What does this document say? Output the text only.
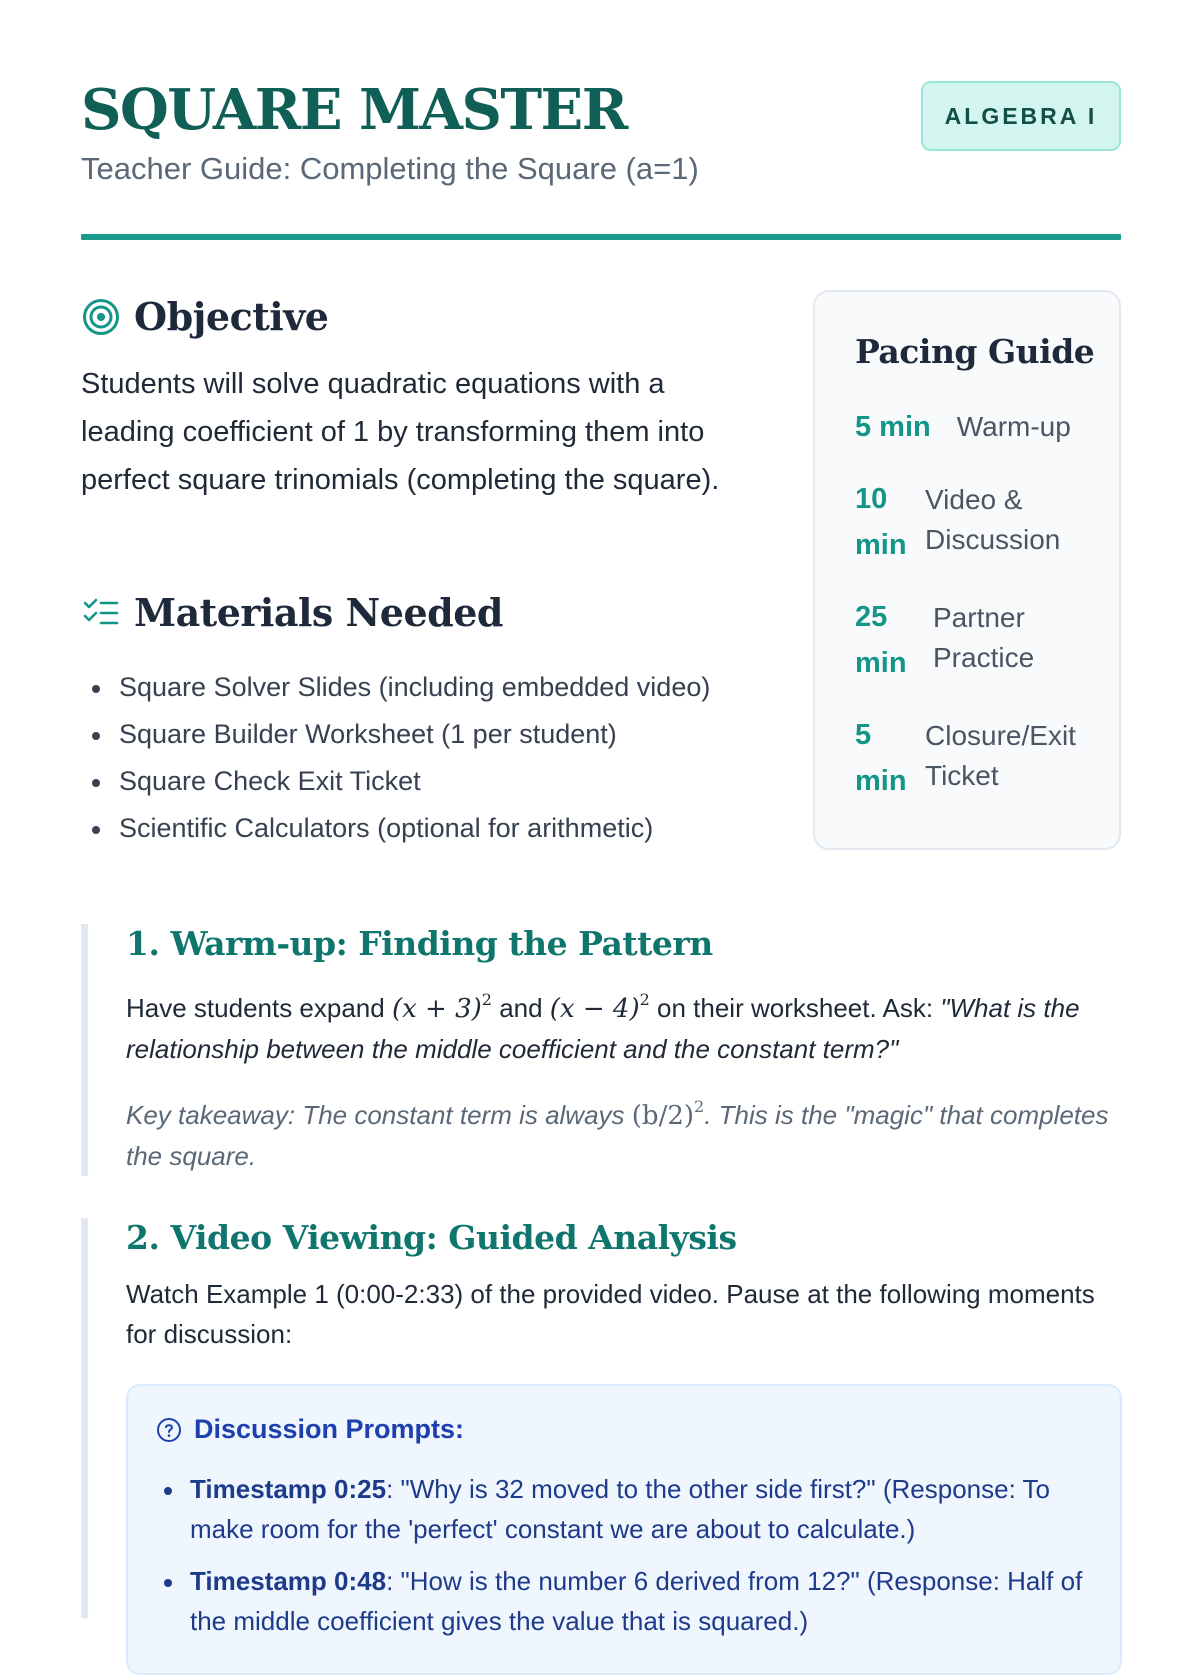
SQUARE MASTER
Teacher Guide: Completing the Square (a=1)
ALGEBRA I
Objective

Students will solve quadratic equations with a leading coefficient of 1 by transforming them into perfect square trinomials (completing the square).

Materials Needed
Square Solver Slides (including embedded video)
Square Builder Worksheet (1 per student)
Square Check Exit Ticket
Scientific Calculators (optional for arithmetic)
Pacing Guide
5 min Warm-up
10 min
Video & Discussion
25 min
Partner Practice
5 min
Closure/Exit Ticket
1. Warm-up: Finding the Pattern

Have students expand $(x + 3)^2$ and $(x - 4)^2$ on their worksheet. Ask: "What is the relationship between the middle coefficient and the constant term?"

Key takeaway: The constant term is always $(b/2)^2$. This is the "magic" that completes the square.

2. Video Viewing: Guided Analysis

Watch Example 1 (0:00-2:33) of the provided video. Pause at the following moments for discussion:

Discussion Prompts:
Timestamp 0:25: "Why is 32 moved to the other side first?" (Response: To make room for the 'perfect' constant we are about to calculate.)
Timestamp 0:48: "How is the number 6 derived from 12?" (Response: Half of the middle coefficient gives the value that is squared.)
